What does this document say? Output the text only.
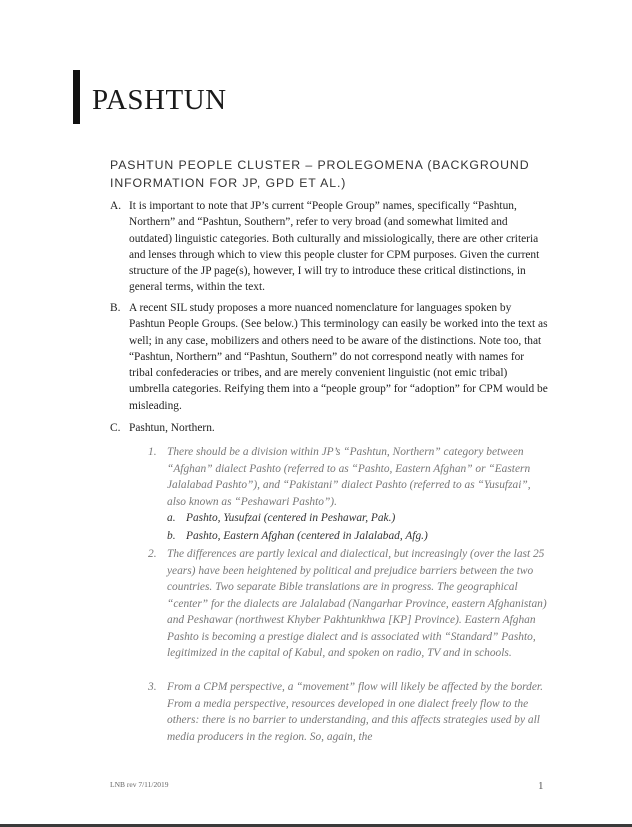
PASHTUN
PASHTUN PEOPLE CLUSTER – PROLEGOMENA (BACKGROUND INFORMATION FOR JP, GPD ET AL.)
A. It is important to note that JP’s current “People Group” names, specifically “Pashtun, Northern” and “Pashtun, Southern”, refer to very broad (and somewhat limited and outdated) linguistic categories. Both culturally and missiologically, there are other criteria and lenses through which to view this people cluster for CPM purposes. Given the current structure of the JP page(s), however, I will try to introduce these critical distinctions, in general terms, within the text.
B. A recent SIL study proposes a more nuanced nomenclature for languages spoken by Pashtun People Groups. (See below.) This terminology can easily be worked into the text as well; in any case, mobilizers and others need to be aware of the distinctions. Note too, that “Pashtun, Northern” and “Pashtun, Southern” do not correspond neatly with names for tribal confederacies or tribes, and are merely convenient linguistic (not emic tribal) umbrella categories. Reifying them into a “people group” for “adoption” for CPM would be misleading.
C. Pashtun, Northern.
1. There should be a division within JP’s “Pashtun, Northern” category between “Afghan” dialect Pashto (referred to as “Pashto, Eastern Afghan” or “Eastern Jalalabad Pashto”), and “Pakistani” dialect Pashto (referred to as “Yusufzai”, also known as “Peshawari Pashto”).
a. Pashto, Yusufzai (centered in Peshawar, Pak.)
b. Pashto, Eastern Afghan (centered in Jalalabad, Afg.)
2. The differences are partly lexical and dialectical, but increasingly (over the last 25 years) have been heightened by political and prejudice barriers between the two countries. Two separate Bible translations are in progress. The geographical “center” for the dialects are Jalalabad (Nangarhar Province, eastern Afghanistan) and Peshawar (northwest Khyber Pakhtunkhwa [KP] Province). Eastern Afghan Pashto is becoming a prestige dialect and is associated with “Standard” Pashto, legitimized in the capital of Kabul, and spoken on radio, TV and in schools.
3. From a CPM perspective, a “movement” flow will likely be affected by the border. From a media perspective, resources developed in one dialect freely flow to the others: there is no barrier to understanding, and this affects strategies used by all media producers in the region. So, again, the
LNB rev 7/11/2019	1
